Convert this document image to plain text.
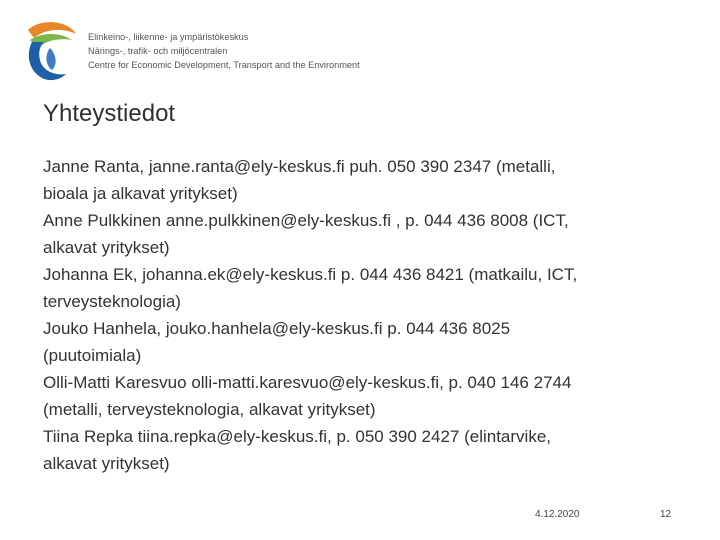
Elinkeino-, liikenne- ja ympäristökeskus
Närings-, trafik- och miljöcentralen
Centre for Economic Development, Transport and the Environment
Yhteystiedot

Janne Ranta, janne.ranta@ely-keskus.fi puh. 050 390 2347 (metalli,
bioala ja alkavat yritykset)

Anne Pulkkinen anne.pulkkinen@ely-keskus.fi , p. 044 436 8008 (ICT,
alkavat yritykset)

Johanna Ek, johanna.ek@ely-keskus.fi p. 044 436 8421 (matkailu, ICT,
terveysteknologia)

Jouko Hanhela, jouko.hanhela@ely-keskus.fi p. 044 436 8025
(puutoimiala)

Olli-Matti Karesvuo olli-matti.karesvuo@ely-keskus.fi, p. 040 146 2744
(metalli, terveysteknologia, alkavat yritykset)

Tiina Repka tiina.repka@ely-keskus.fi, p. 050 390 2427 (elintarvike,
alkavat yritykset)

4.12.2020	12
